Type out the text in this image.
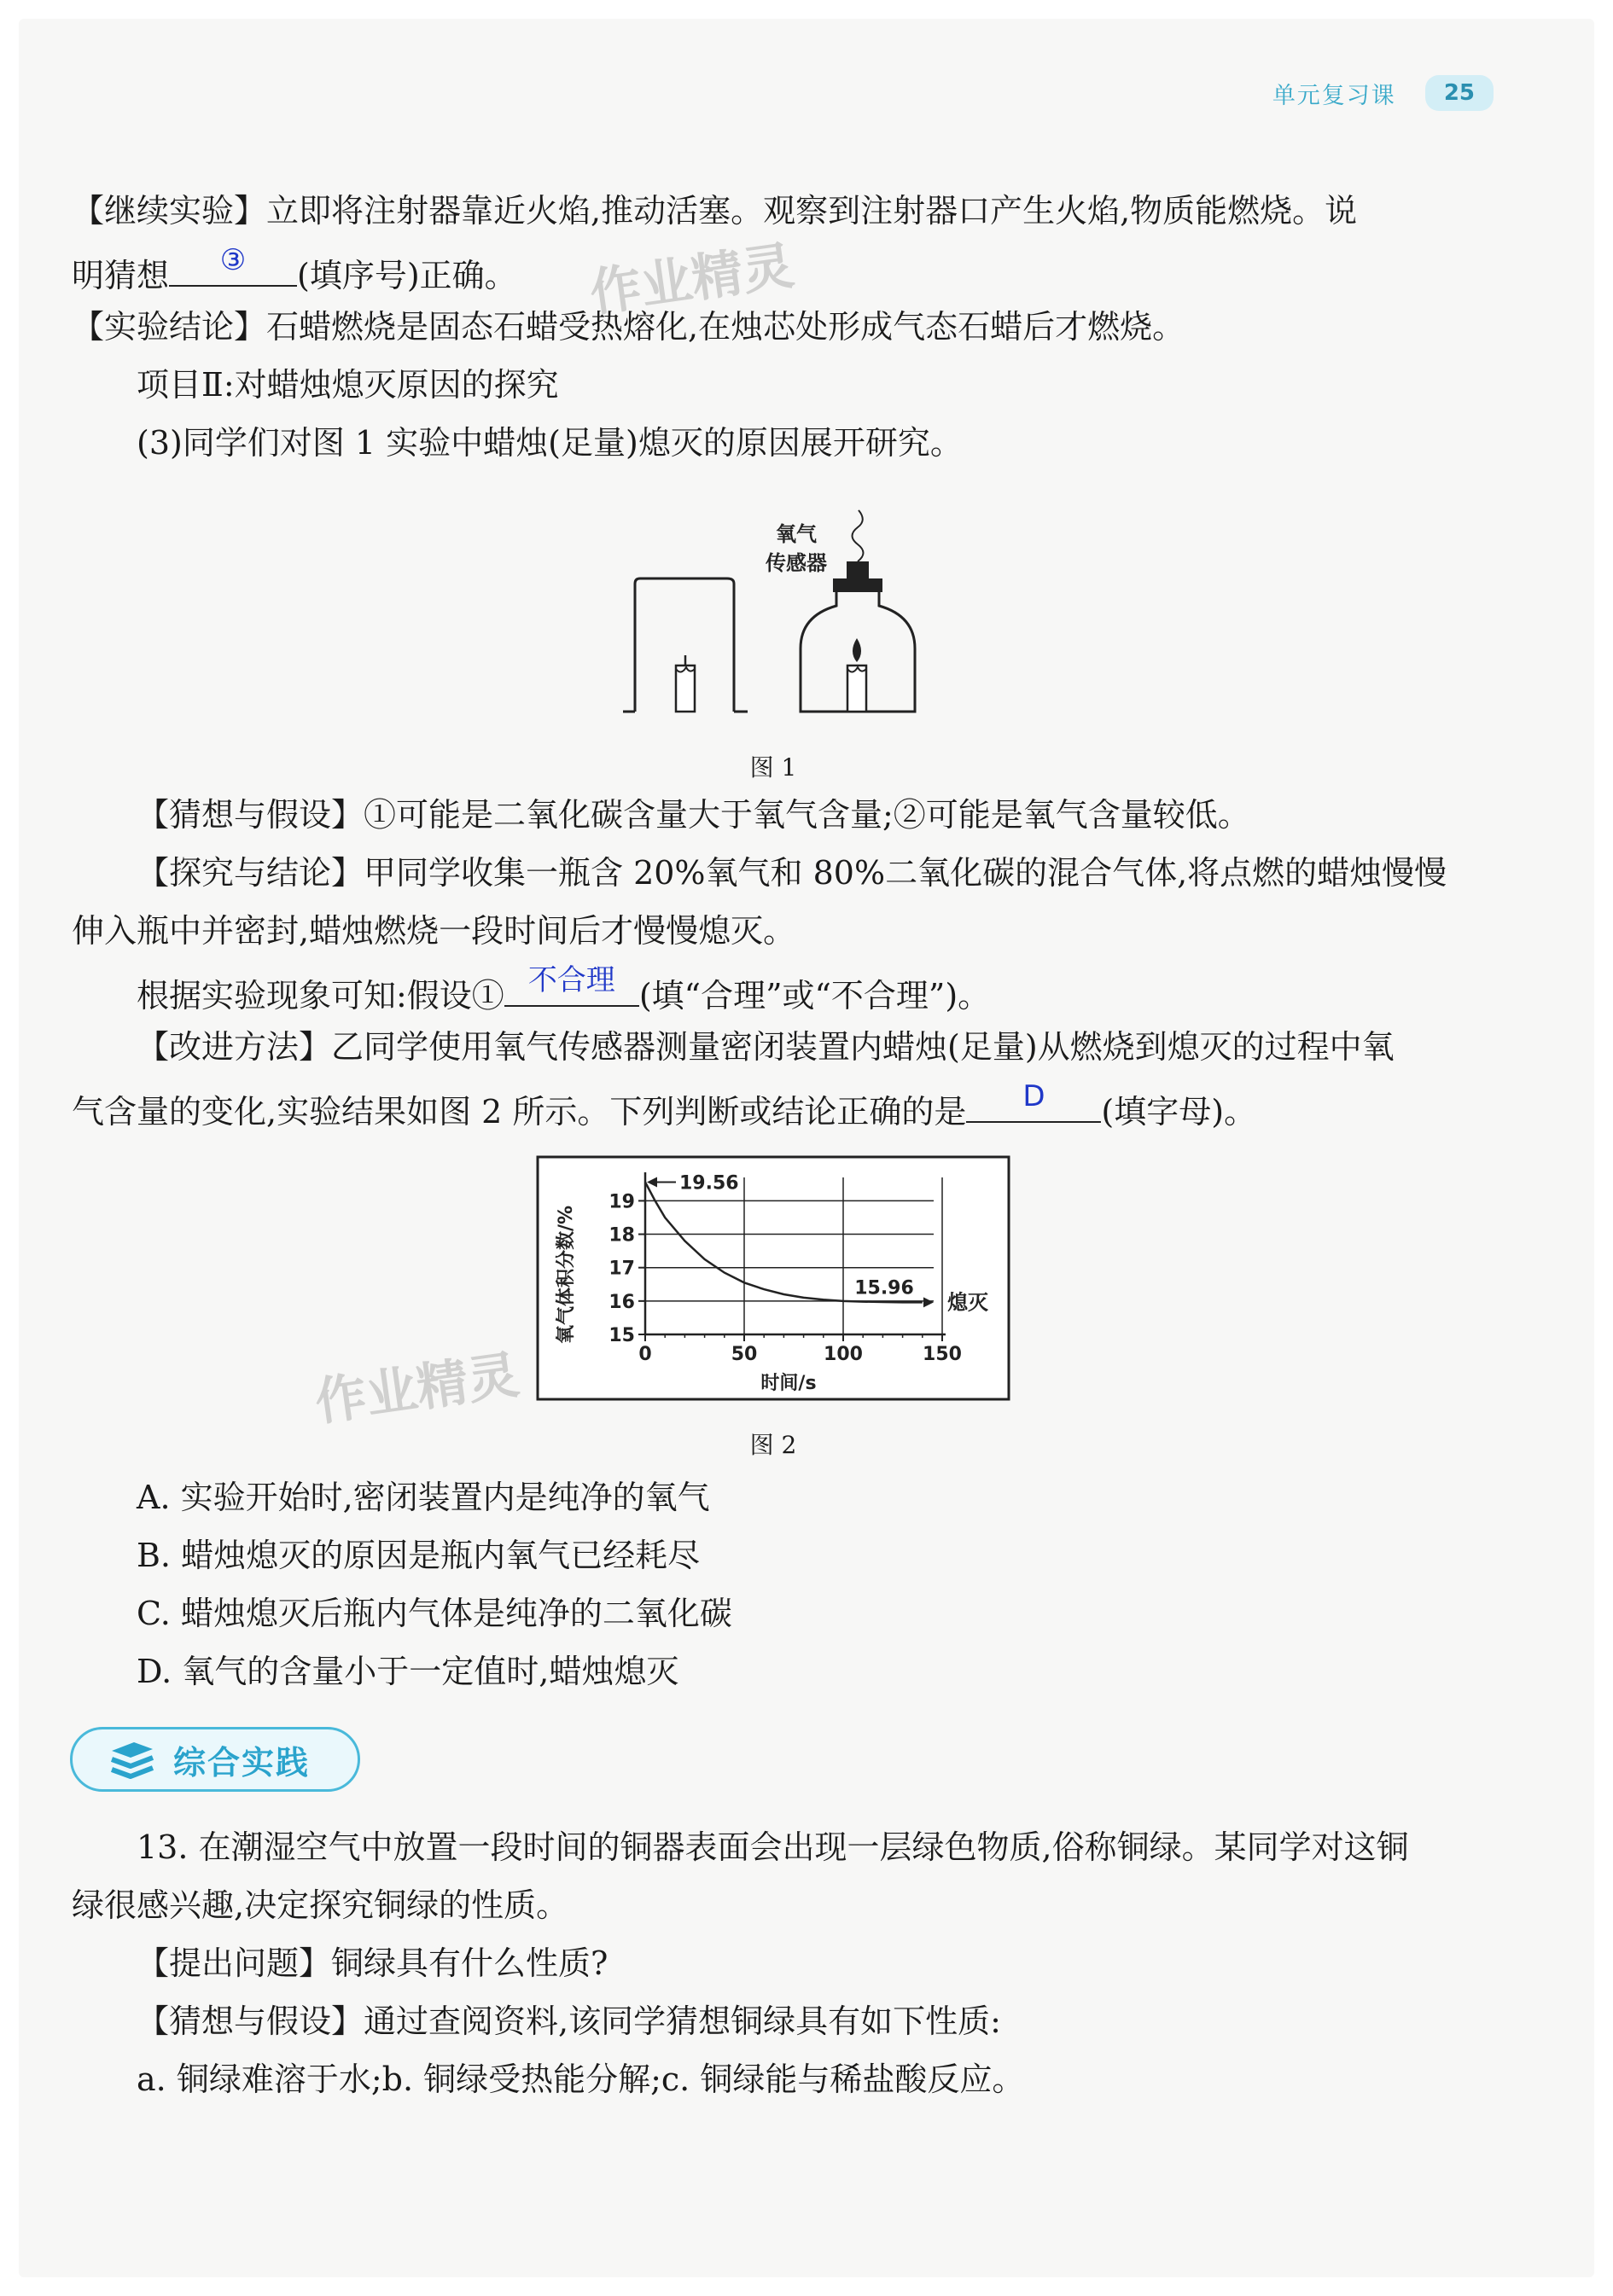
单元复习课	25
【继续实验】立即将注射器靠近火焰,推动活塞。观察到注射器口产生火焰,物质能燃烧。说
明猜想	③	(填序号)正确。
【实验结论】石蜡燃烧是固态石蜡受热熔化,在烛芯处形成气态石蜡后才燃烧。
项目Ⅱ:对蜡烛熄灭原因的探究
(3)同学们对图 1 实验中蜡烛(足量)熄灭的原因展开研究。
氧气
传感器
图 1
【猜想与假设】①可能是二氧化碳含量大于氧气含量;②可能是氧气含量较低。
【探究与结论】甲同学收集一瓶含 20%氧气和 80%二氧化碳的混合气体,将点燃的蜡烛慢慢
伸入瓶中并密封,蜡烛燃烧一段时间后才慢慢熄灭。
根据实验现象可知:假设① 不合理 (填“合理”或“不合理”)。
【改进方法】乙同学使用氧气传感器测量密闭装置内蜡烛(足量)从燃烧到熄灭的过程中氧
气含量的变化,实验结果如图 2 所示。下列判断或结论正确的是	D	(填字母)。
15
16
17
18
19
0	50	100	150
19.56
15.96
熄灭
氧气体积分数/%
时间/s
图 2
A. 实验开始时,密闭装置内是纯净的氧气
B. 蜡烛熄灭的原因是瓶内氧气已经耗尽
C. 蜡烛熄灭后瓶内气体是纯净的二氧化碳
D. 氧气的含量小于一定值时,蜡烛熄灭
综合实践
13. 在潮湿空气中放置一段时间的铜器表面会出现一层绿色物质,俗称铜绿。某同学对这铜
绿很感兴趣,决定探究铜绿的性质。
【提出问题】铜绿具有什么性质?
【猜想与假设】通过查阅资料,该同学猜想铜绿具有如下性质:
a. 铜绿难溶于水;b. 铜绿受热能分解;c. 铜绿能与稀盐酸反应。
作业精灵
作业精灵
